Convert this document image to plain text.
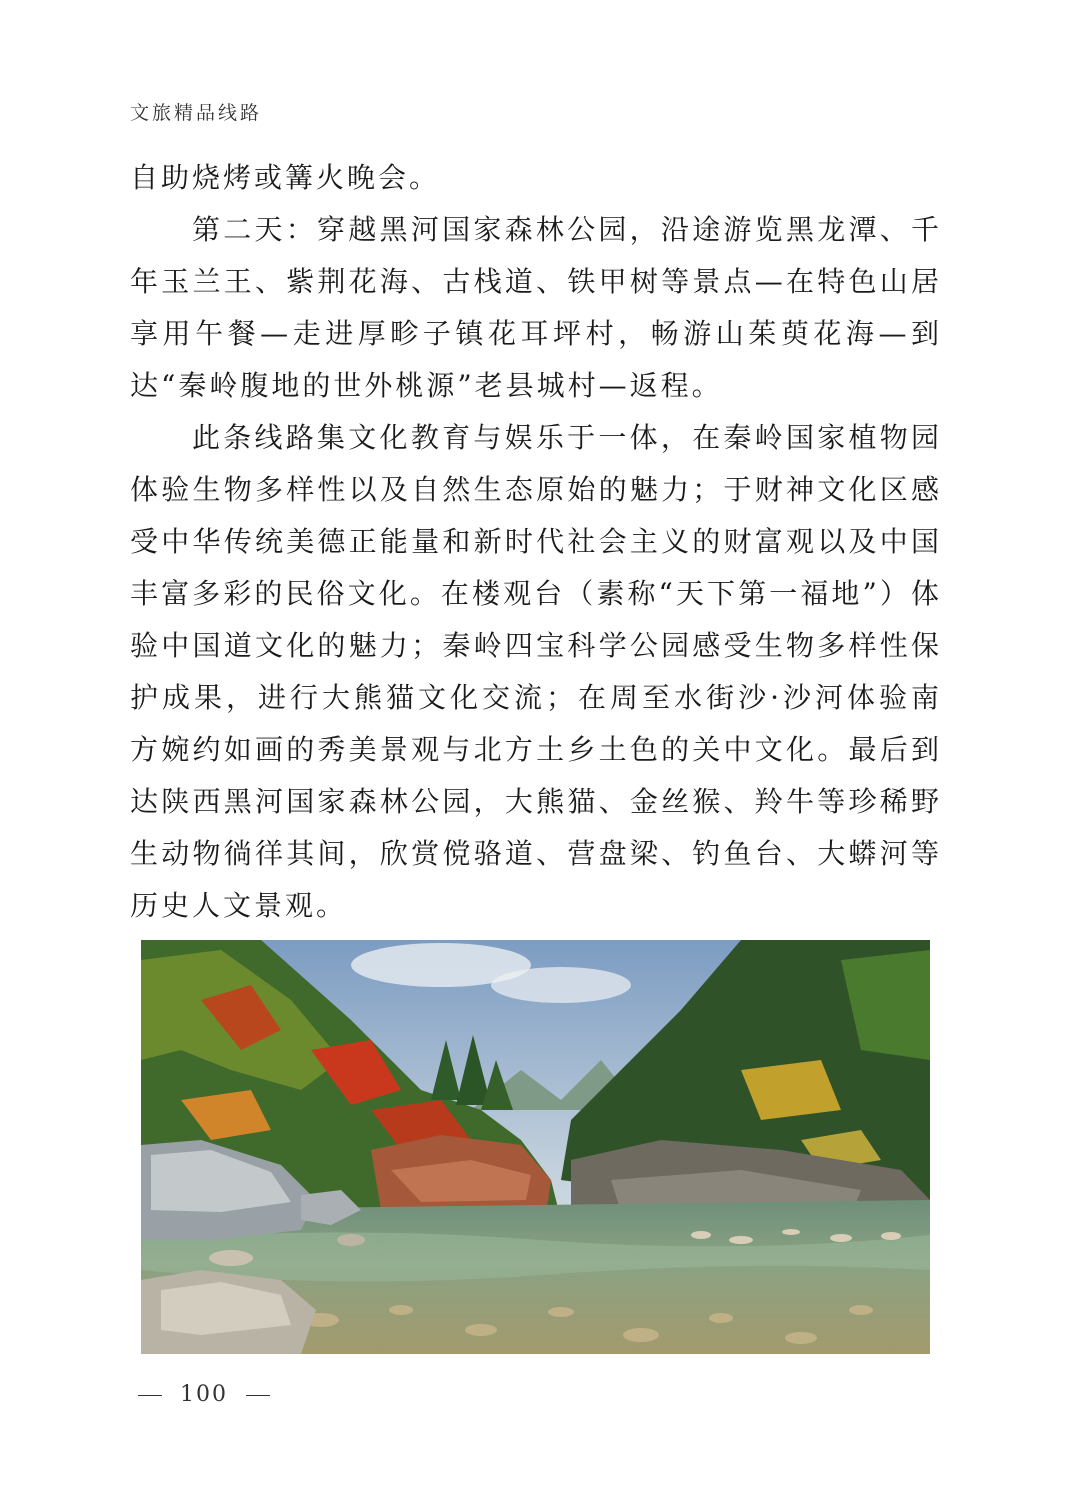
文旅精品线路

自助烧烤或篝火晚会。

第二天：穿越黑河国家森林公园，沿途游览黑龙潭、千年玉兰王、紫荆花海、古栈道、铁甲树等景点—在特色山居享用午餐—走进厚畛子镇花耳坪村，畅游山茱萸花海—到达“秦岭腹地的世外桃源”老县城村—返程。

此条线路集文化教育与娱乐于一体，在秦岭国家植物园体验生物多样性以及自然生态原始的魅力；于财神文化区感受中华传统美德正能量和新时代社会主义的财富观以及中国丰富多彩的民俗文化。在楼观台（素称“天下第一福地”）体验中国道文化的魅力；秦岭四宝科学公园感受生物多样性保护成果，进行大熊猫文化交流；在周至水街沙·沙河体验南方婉约如画的秀美景观与北方土乡土色的关中文化。最后到达陕西黑河国家森林公园，大熊猫、金丝猴、羚牛等珍稀野生动物徜徉其间，欣赏傥骆道、营盘梁、钓鱼台、大蟒河等历史人文景观。

100
